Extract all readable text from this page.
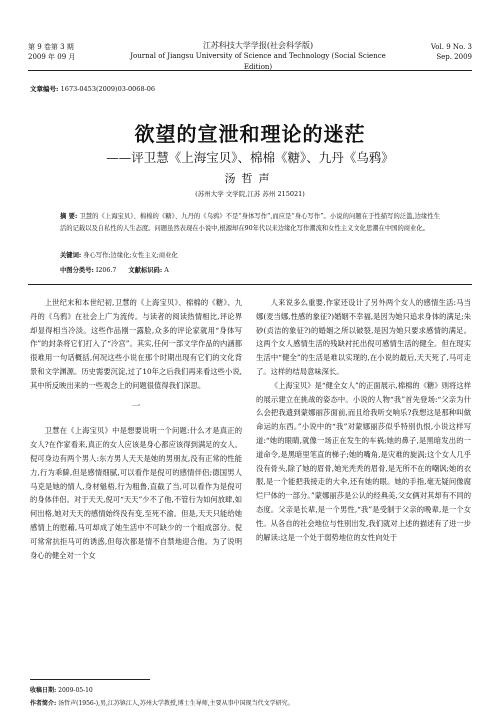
第 9 卷第 3 期
2009 年 09 月
江苏科技大学学报(社会科学版)
Journal of Jiangsu University of Science and Technology (Social Science Edition)
Vol. 9 No. 3
Sep. 2009
文章编号: 1673-0453(2009)03-0068-06
欲望的宣泄和理论的迷茫
——评卫慧《上海宝贝》、棉棉《糖》、九丹《乌鸦》
汤哲声
(苏州大学 文学院,江苏 苏州 215021)
摘 要: 卫慧的《上海宝贝》、棉棉的《糖》、九丹的《乌鸦》不是“身体写作”,而应是“身心写作”。小说的问题在于性描写的泛滥,边缘性生活的记载以及自私性的人生态度。问题虽然表现在小说中,根源却在90年代以来边缘化写作潮流和女性主义文化思潮在中国的商业化。
关键词: 身心写作;边缘化;女性主义;商业化
中图分类号: I206.7 文献标识码: A

上世纪末和本世纪初,卫慧的《上海宝贝》、棉棉的《糖》、九丹的《乌鸦》在社会上广为流传。与读者的阅读热情相比,评论界却显得相当冷淡。这些作品刚一露脸,众多的评论家就用“身体写作”的封条将它们打入了“冷宫”。其实,任何一部文学作品的内涵都很难用一句话概括,何况这些小说在那个时期出现有它们的文化背景和文学渊源。历史需要沉淀,过了10年之后我们再来看这些小说,其中所反映出来的一些观念上的问题很值得我们深思。

一

卫慧在《上海宝贝》中是想要说明一个问题:什么才是真正的女人?在作家看来,真正的女人应该是身心都应该得到满足的女人。倪可身边有两个男人:东方男人天天是她的男朋友,没有正常的性能力,行为乖僻,但是感情细腻,可以看作是倪可的感情伴侣;德国男人马克是她的情人,身材魁梧,行为粗鲁,直截了当,可以看作为是倪可的身体伴侣。对于天天,倪可“天天”少不了他,不管行为如何放肆,如何出格,她对天天的感情始终没有变,至死不渝。但是,天天只能给她感情上的慰藉,马可却成了她生活中不可缺少的一个组成部分。倪可常常抗拒马可的诱惑,但每次都是情不自禁地迎合他。为了说明身心的健全对一个女

人来说多么重要,作家还设计了另外两个女人的感情生活:马当娜(麦当娜,性感的象征?)婚姻不幸福,是因为她只追求身体的满足;朱砂(贞洁的象征?)的婚姻之所以破裂,是因为她只要求感情的满足。这两个女人感情生活的残缺衬托出倪可感情生活的健全。但在现实生活中“健全”的生活是难以实现的,在小说的最后,天天死了,马可走了。这样的结局意味深长。

《上海宝贝》是“健全女人”的正面展示,棉棉的《糖》则将这样的展示建立在挑战的姿态中。小说的人物“我”首先登场:“父亲为什么会把我遗到蒙娜丽莎面前,而且给我听交响乐?我想这是那种叫做命运的东西。”小说中的“我”对蒙娜丽莎似乎特别仇恨,小说这样写道:“她的眼睛,就像一场正在发生的车祸;她的鼻子,是黑暗发出的一道命令,是黑暗里笔直的梯子;她的嘴角,是灾难的旋涡;这个女人几乎没有骨头,除了她的眉骨,她光秃秃的眉骨,是无所不在的嘲讽;她的衣服,是一个能把我接走的大伞,还有她的眼。她的手指,毫无疑问像腐烂尸体的一部分。”蒙娜丽莎是公认的经典美,父女俩对其却有不同的态度。父亲是长辈,是一个男性,“我”是受制于父亲的晚辈,是一个女性。从各自的社会地位与性别出发,我们就对上述的描述有了进一步的解读:这是一个处于弱势地位的女性向处于

收稿日期: 2009-05-10
作者简介: 汤哲声(1956-),男,江苏镇江人,苏州大学教授,博士生导师,主要从事中国现当代文学研究。
